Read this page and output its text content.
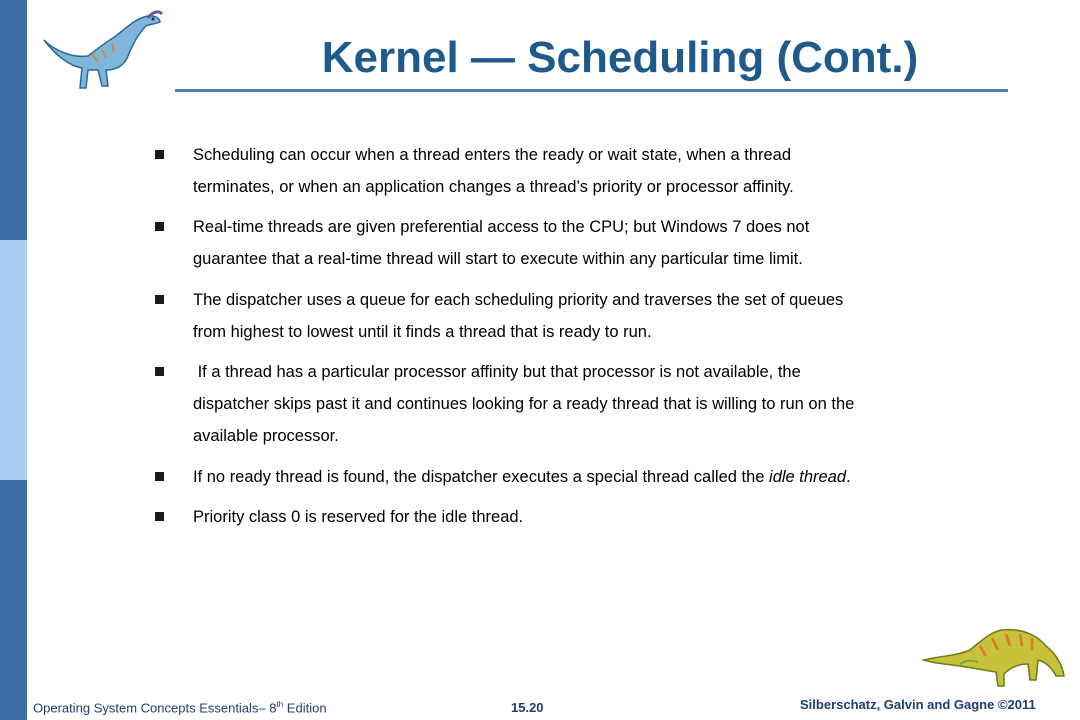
Kernel — Scheduling (Cont.)

Scheduling can occur when a thread enters the ready or wait state, when a thread
terminates, or when an application changes a thread’s priority or processor affinity.

Real-time threads are given preferential access to the CPU; but Windows 7 does not
guarantee that a real-time thread will start to execute within any particular time limit.

The dispatcher uses a queue for each scheduling priority and traverses the set of queues
from highest to lowest until it finds a thread that is ready to run.

If a thread has a particular processor affinity but that processor is not available, the
dispatcher skips past it and continues looking for a ready thread that is willing to run on the
available processor.

If no ready thread is found, the dispatcher executes a special thread called the idle thread.

Priority class 0 is reserved for the idle thread.

Operating System Concepts Essentials– 8th Edition	15.20	Silberschatz, Galvin and Gagne ©2011
